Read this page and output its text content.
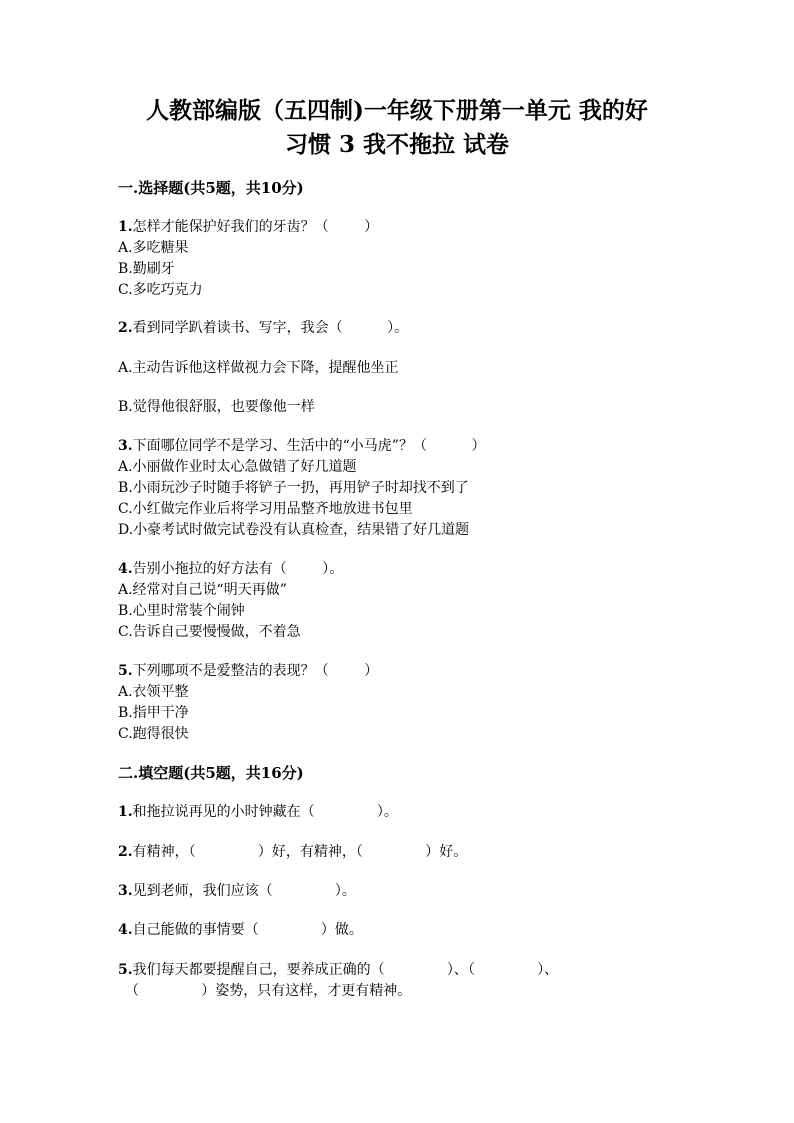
人教部编版（五四制)一年级下册第一单元 我的好
习惯 3 我不拖拉 试卷

一.选择题(共5题，共10分)

1.怎样才能保护好我们的牙齿？（        ）

A.多吃糖果

B.勤刷牙

C.多吃巧克力

2.看到同学趴着读书、写字，我会（          ）。

A.主动告诉他这样做视力会下降，提醒他坐正

B.觉得他很舒服，也要像他一样

3.下面哪位同学不是学习、生活中的“小马虎”？（          ）

A.小丽做作业时太心急做错了好几道题

B.小雨玩沙子时随手将铲子一扔，再用铲子时却找不到了

C.小红做完作业后将学习用品整齐地放进书包里

D.小豪考试时做完试卷没有认真检查，结果错了好几道题

4.告别小拖拉的好方法有（        ）。

A.经常对自己说“明天再做”

B.心里时常装个闹钟

C.告诉自己要慢慢做，不着急

5.下列哪项不是爱整洁的表现？（        ）

A.衣领平整

B.指甲干净

C.跑得很快

二.填空题(共5题，共16分)

1.和拖拉说再见的小时钟藏在（              ）。

2.有精神，（              ）好，有精神，（              ）好。

3.见到老师，我们应该（              ）。

4.自己能做的事情要（              ）做。

5.我们每天都要提醒自己，要养成正确的（              ）、（              ）、

（              ）姿势，只有这样，才更有精神。
